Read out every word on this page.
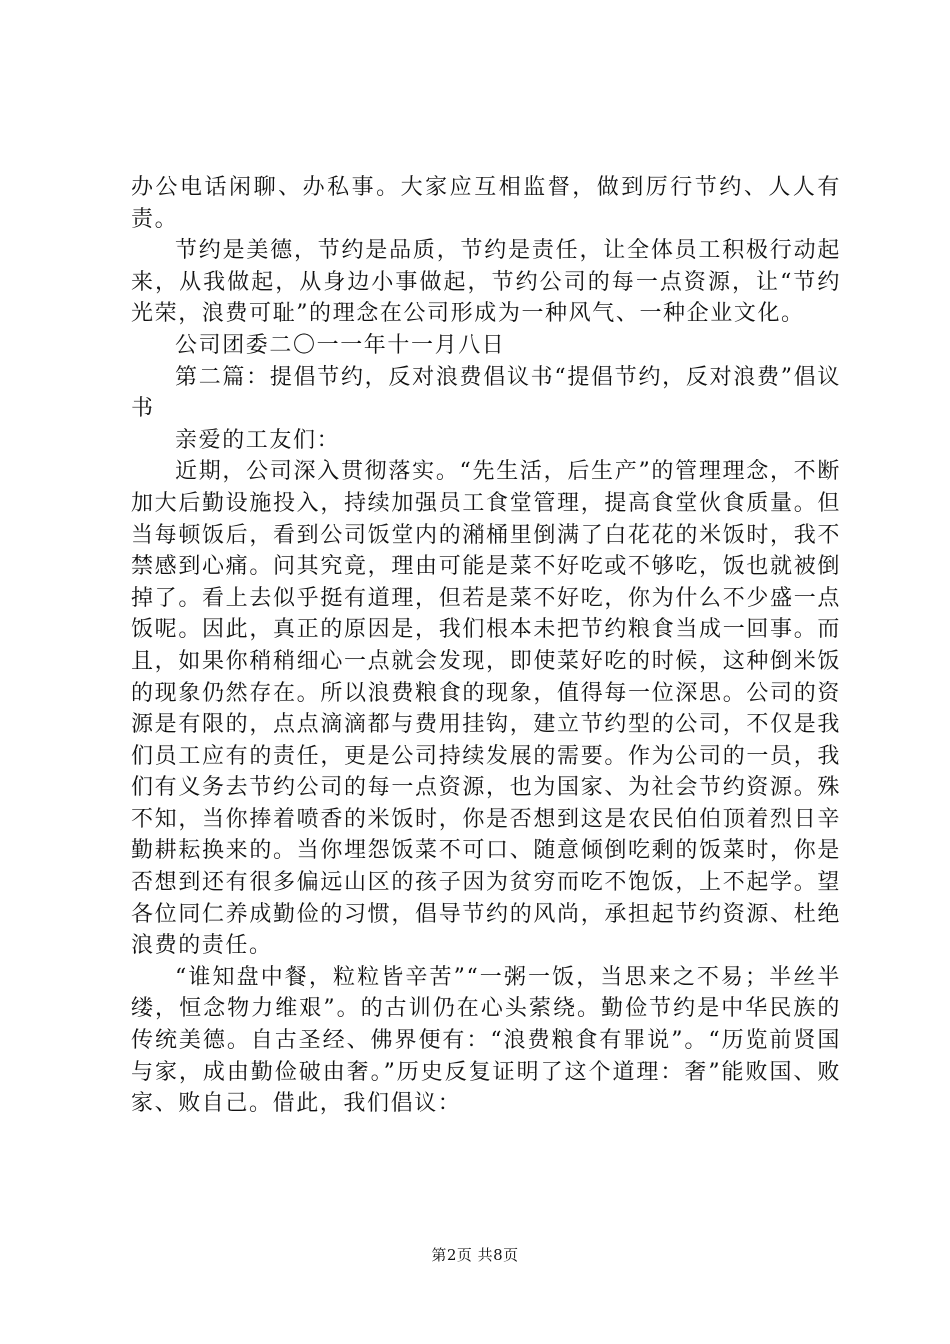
办公电话闲聊、办私事。大家应互相监督，做到厉行节约、人人有责。

节约是美德，节约是品质，节约是责任，让全体员工积极行动起来，从我做起，从身边小事做起，节约公司的每一点资源，让“节约光荣，浪费可耻”的理念在公司形成为一种风气、一种企业文化。

公司团委二〇一一年十一月八日

第二篇：提倡节约，反对浪费倡议书“提倡节约，反对浪费”倡议书

亲爱的工友们：

近期，公司深入贯彻落实。“先生活，后生产”的管理理念，不断加大后勤设施投入，持续加强员工食堂管理，提高食堂伙食质量。但当每顿饭后，看到公司饭堂内的潲桶里倒满了白花花的米饭时，我不禁感到心痛。问其究竟，理由可能是菜不好吃或不够吃，饭也就被倒掉了。看上去似乎挺有道理，但若是菜不好吃，你为什么不少盛一点饭呢。因此，真正的原因是，我们根本未把节约粮食当成一回事。而且，如果你稍稍细心一点就会发现，即使菜好吃的时候，这种倒米饭的现象仍然存在。所以浪费粮食的现象，值得每一位深思。公司的资源是有限的，点点滴滴都与费用挂钩，建立节约型的公司，不仅是我们员工应有的责任，更是公司持续发展的需要。作为公司的一员，我们有义务去节约公司的每一点资源，也为国家、为社会节约资源。殊不知，当你捧着喷香的米饭时，你是否想到这是农民伯伯顶着烈日辛勤耕耘换来的。当你埋怨饭菜不可口、随意倾倒吃剩的饭菜时，你是否想到还有很多偏远山区的孩子因为贫穷而吃不饱饭，上不起学。望各位同仁养成勤俭的习惯，倡导节约的风尚，承担起节约资源、杜绝浪费的责任。

“谁知盘中餐，粒粒皆辛苦”“一粥一饭，当思来之不易；半丝半缕，恒念物力维艰”。的古训仍在心头萦绕。勤俭节约是中华民族的传统美德。自古圣经、佛界便有：“浪费粮食有罪说”。“历览前贤国与家，成由勤俭破由奢。”历史反复证明了这个道理：奢”能败国、败家、败自己。借此，我们倡议：

第2页 共8页
